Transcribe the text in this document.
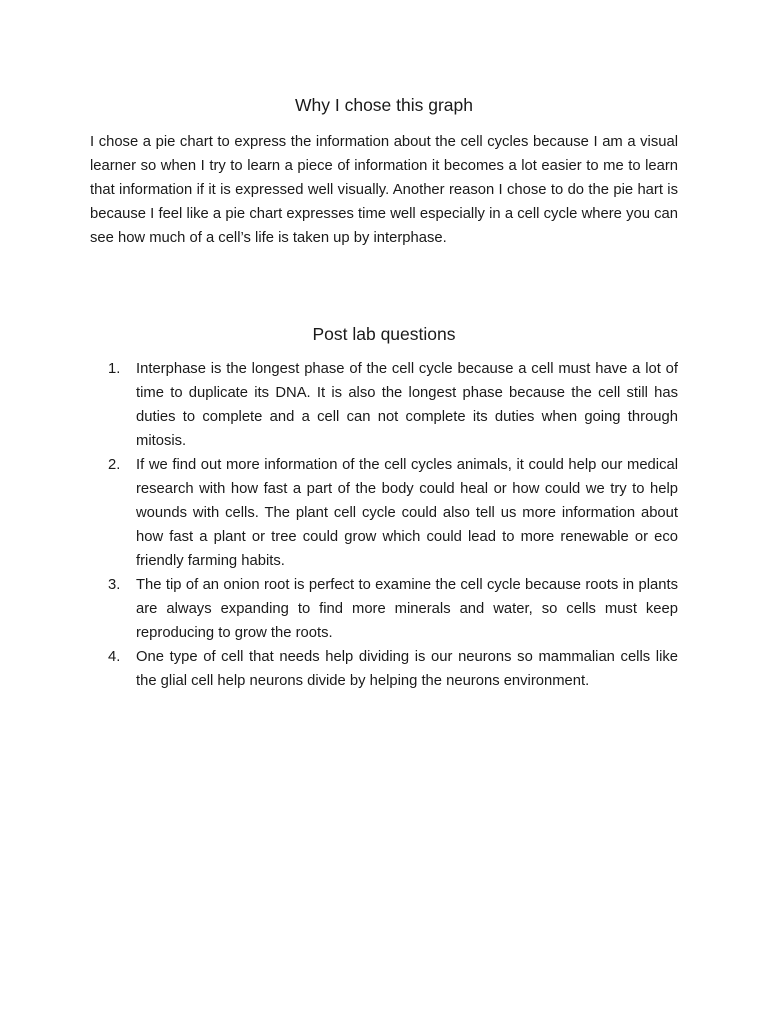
Why I chose this graph

I chose a pie chart to express the information about the cell cycles because I am a visual learner so when I try to learn a piece of information it becomes a lot easier to me to learn that information if it is expressed well visually. Another reason I chose to do the pie hart is because I feel like a pie chart expresses time well especially in a cell cycle where you can see how much of a cell’s life is taken up by interphase.

Post lab questions
1.	Interphase is the longest phase of the cell cycle because a cell must have a lot of time to duplicate its DNA. It is also the longest phase because the cell still has duties to complete and a cell can not complete its duties when going through mitosis.
2.	If we find out more information of the cell cycles animals, it could help our medical research with how fast a part of the body could heal or how could we try to help wounds with cells. The plant cell cycle could also tell us more information about how fast a plant or tree could grow which could lead to more renewable or eco friendly farming habits.
3.	The tip of an onion root is perfect to examine the cell cycle because roots in plants are always expanding to find more minerals and water, so cells must keep reproducing to grow the roots.
4.	One type of cell that needs help dividing is our neurons so mammalian cells like the glial cell help neurons divide by helping the neurons environment.
